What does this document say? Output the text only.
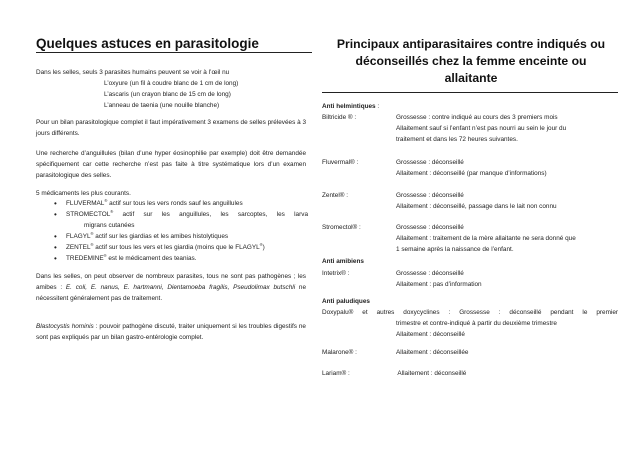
Quelques astuces en parasitologie
Dans les selles, seuls 3 parasites humains peuvent se voir à l’œil nu
L’oxyure (un fil à coudre blanc de 1 cm de long)
L’ascaris (un crayon blanc de 15 cm de long)
L’anneau de taenia (une nouille blanche)
Pour un bilan parasitologique complet il faut impérativement 3 examens de selles prélevées à 3 jours différents.
Une recherche d’anguillules (bilan d’une hyper éosinophilie par exemple) doit être demandée spécifiquement car cette recherche n’est pas faite à titre systématique lors d’un examen parasitologique des selles.
5 médicaments les plus courants.
• FLUVERMAL® actif sur tous les vers ronds sauf les anguillules
• STROMECTOL® actif sur les anguillules, les sarcoptes, les larva
migrans cutanées
• FLAGYL® actif sur les giardias et les amibes histolytiques
• ZENTEL® actif sur tous les vers et les giardia (moins que le FLAGYL®)
• TREDEMINE® est le médicament des teanias.
Dans les selles, on peut observer de nombreux parasites, tous ne sont pas pathogènes ; les amibes : E. coli, E. nanus, E. hartmanni, Dientamoeba fragilis, Pseudolimax butschli ne nécessitent généralement pas de traitement.
Blastocystis hominis : pouvoir pathogène discuté, traiter uniquement si les troubles digestifs ne sont pas expliqués par un bilan gastro-entérologie complet.
Principaux antiparasitaires contre indiqués ou déconseillés chez la femme enceinte ou allaitante
Anti helmintiques :
Biltricide ® :	Grossesse : contre indiqué au cours des 3 premiers mois
Allaitement sauf si l’enfant n’est pas nourri au sein le jour du
traitement et dans les 72 heures suivantes.
Fluvermal® :	Grossesse : déconseillé
Allaitement : déconseillé (par manque d’informations)
Zentel® :	Grossesse : déconseillé
Allaitement : déconseillé, passage dans le lait non connu
Stromectol® :	Grossesse : déconseillé
Allaitement : traitement de la mère allaitante ne sera donné que
1 semaine après la naissance de l’enfant.
Anti amibiens
Intetrix® :	Grossesse : déconseillé
Allaitement : pas d’information
Anti paludiques
Doxypalu® et autres doxycyclines : Grossesse : déconseillé pendant le premier
trimestre et contre-indiqué à partir du deuxième trimestre
Allaitement : déconseillé
Malarone® :	Allaitement : déconseillée
Lariam® :	Allaitement : déconseillé
